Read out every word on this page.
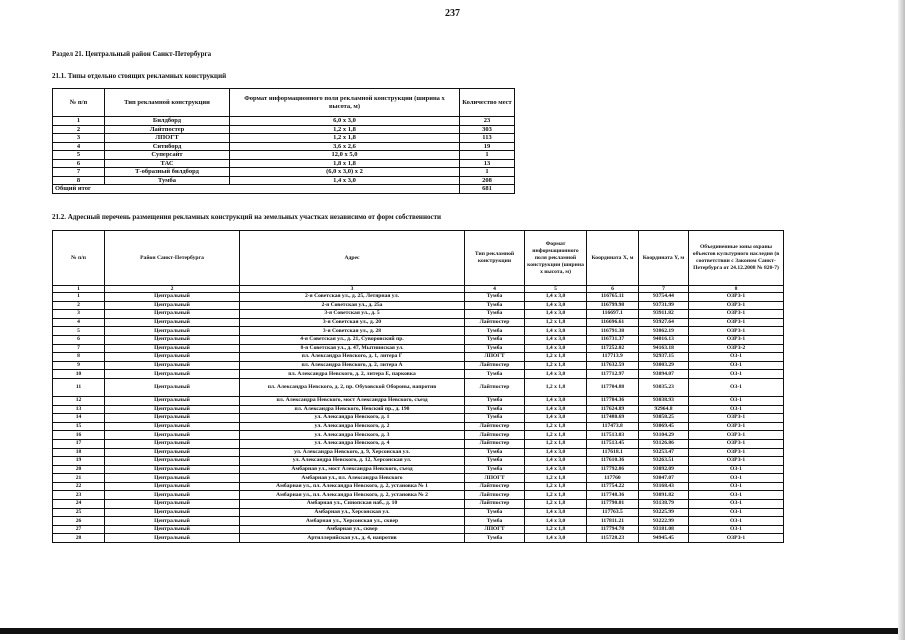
237
Раздел 21. Центральный район Санкт-Петербурга
21.1. Типы отдельно стоящих рекламных конструкций
№ п/п	Тип рекламной конструкции	Формат информационного поля рекламной конструкции (ширина х высота, м)	Количество мест
1	Билдборд	6,0 х 3,0	23
2	Лайтпостер	1,2 х 1,8	303
3	ЛПОГТ	1,2 х 1,8	113
4	Ситиборд	3,6 х 2,6	19
5	Суперсайт	12,0 х 5,0	1
6	ТАС	1,8 х 1,8	13
7	Т-образный билдборд	(6,0 х 3,0) х 2	1
8	Тумба	1,4 х 3,0	208
Общий итог			681
21.2. Адресный перечень размещения рекламных конструкций на земельных участках независимо от форм собственности
№ п/п	Район Санкт-Петербурга	Адрес	Тип рекламной конструкции	Формат информационного поля рекламной конструкции (ширина х высота, м)	Координата X, м	Координата Y, м	Объединенные зоны охраны объектов культурного наследия (в соответствии с Законом Санкт-Петербурга от 24.12.2008 № 820-7)
1	2	3	4	5	6	7	8
1	Центральный	2-я Советская ул., д. 25, Летярная ул.	Тумба	1,4 х 3,0	116765.11	93754.44	ОЗРЗ-1
2	Центральный	2-я Советская ул., д. 25а	Тумба	1,4 х 3,0	116799.98	93731.99	ОЗРЗ-1
3	Центральный	3-я Советская ул., д. 5	Тумба	1,4 х 3,0	116697.1	93911.82	ОЗРЗ-1
4	Центральный	3-я Советская ул., д. 20	Лайтпостер	1,2 х 1,8	116696.61	93927.64	ОЗРЗ-1
5	Центральный	3-я Советская ул., д. 28	Тумба	1,4 х 3,0	116791.38	93862.19	ОЗРЗ-1
6	Центральный	4-я Советская ул., д. 21, Суворовский пр.	Тумба	1,4 х 3,0	116731.37	94016.13	ОЗРЗ-1
7	Центральный	8-я Советская ул., д. 47, Мытнинская ул.	Тумба	1,4 х 3,0	117252.02	94163.18	ОЗРЗ-2
8	Центральный	пл. Александра Невского, д. 1, литера Г	ЛПОГТ	1,2 х 1,8	117713.9	92937.15	ОЗ-1
9	Центральный	пл. Александра Невского, д. 2, литера А	Лайтпостер	1,2 х 1,8	117632.59	93003.29	ОЗ-1
10	Центральный	пл. Александра Невского, д. 2, литера Е, парковка	Тумба	1,4 х 3,0	117712.97	93094.07	ОЗ-1
11	Центральный	пл. Александра Невского, д. 2, пр. Обуховской Обороны, напротив	Лайтпостер	1,2 х 1,8	117704.88	93035.23	ОЗ-1
12	Центральный	пл. Александра Невского, мост Александра Невского, съезд	Тумба	1,4 х 3,0	117784.36	93038.93	ОЗ-1
13	Центральный	пл. Александра Невского, Невский пр., д. 190	Тумба	1,4 х 3,0	117624.89	92964.8	ОЗ-1
14	Центральный	ул. Александра Невского, д. 1	Тумба	1,4 х 3,0	117480.69	93058.25	ОЗРЗ-1
15	Центральный	ул. Александра Невского, д. 2	Лайтпостер	1,2 х 1,8	117473.8	93069.45	ОЗРЗ-1
16	Центральный	ул. Александра Невского, д. 3	Лайтпостер	1,2 х 1,8	117513.03	93104.29	ОЗРЗ-1
17	Центральный	ул. Александра Невского, д. 4	Лайтпостер	1,2 х 1,8	117513.45	93126.86	ОЗРЗ-1
18	Центральный	ул. Александра Невского, д. 9, Херсонская ул.	Тумба	1,4 х 3,0	117618.1	93253.47	ОЗРЗ-1
19	Центральный	ул. Александра Невского, д. 12, Херсонская ул.	Тумба	1,4 х 3,0	117610.36	93263.51	ОЗРЗ-1
20	Центральный	Амбарная ул., мост Александра Невского, съезд	Тумба	1,4 х 3,0	117792.86	93092.09	ОЗ-1
21	Центральный	Амбарная ул., пл. Александра Невского	ЛПОГТ	1,2 х 1,8	117760	93047.07	ОЗ-1
22	Центральный	Амбарная ул., пл. Александра Невского, д. 2, установка № 1	Лайтпостер	1,2 х 1,8	117754.22	93168.43	ОЗ-1
23	Центральный	Амбарная ул., пл. Александра Невского, д. 2, установка № 2	Лайтпостер	1,2 х 1,8	117748.36	93091.82	ОЗ-1
24	Центральный	Амбарная ул., Синопская наб., д. 10	Лайтпостер	1,2 х 1,8	117790.01	93138.79	ОЗ-1
25	Центральный	Амбарная ул., Херсонская ул.	Тумба	1,4 х 3,0	117763.5	93225.99	ОЗ-1
26	Центральный	Амбарная ул., Херсонская ул., сквер	Тумба	1,4 х 3,0	117811.21	93222.99	ОЗ-1
27	Центральный	Амбарная ул., сквер	ЛПОГТ	1,2 х 1,8	117794.78	93181.08	ОЗ-1
28	Центральный	Артиллерийская ул., д. 4, напротив	Тумба	1,4 х 3,0	115728.23	94945.45	ОЗРЗ-1
